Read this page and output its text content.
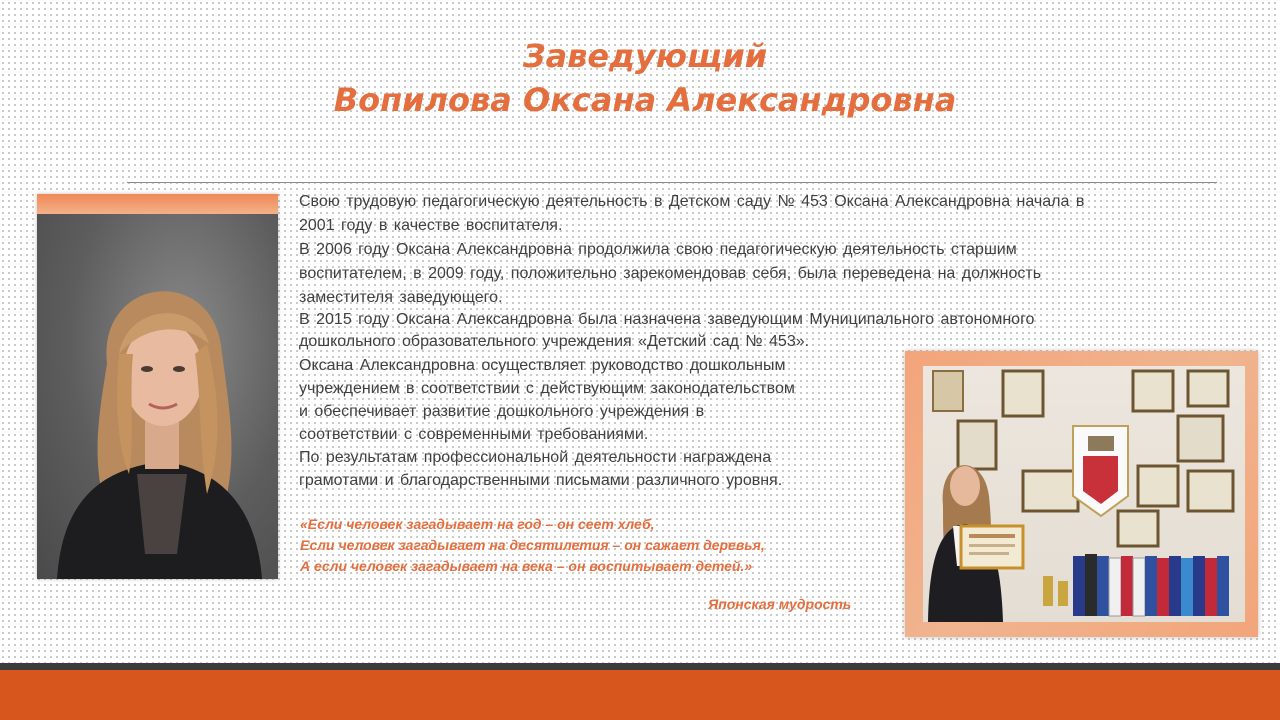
Заведующий
Вопилова Оксана Александровна

Свою трудовую педагогическую деятельность в Детском саду № 453 Оксана Александровна начала в

2001 году в качестве воспитателя.

В 2006 году Оксана Александровна продолжила свою педагогическую деятельность старшим

воспитателем, в 2009 году, положительно зарекомендовав себя, была переведена на должность

заместителя заведующего.

В 2015 году Оксана Александровна была назначена заведующим Муниципального автономного

дошкольного образовательного учреждения «Детский сад № 453».

Оксана Александровна осуществляет руководство дошкольным

учреждением в соответствии с действующим законодательством

и обеспечивает развитие дошкольного учреждения в

соответствии с современными требованиями.

По результатам профессиональной деятельности награждена

грамотами и благодарственными письмами различного уровня.

«Если человек загадывает на год – он сеет хлеб,

Если человек загадывает на десятилетия – он сажает деревья,

А если человек загадывает на века – он воспитывает детей.»

Японская мудрость
